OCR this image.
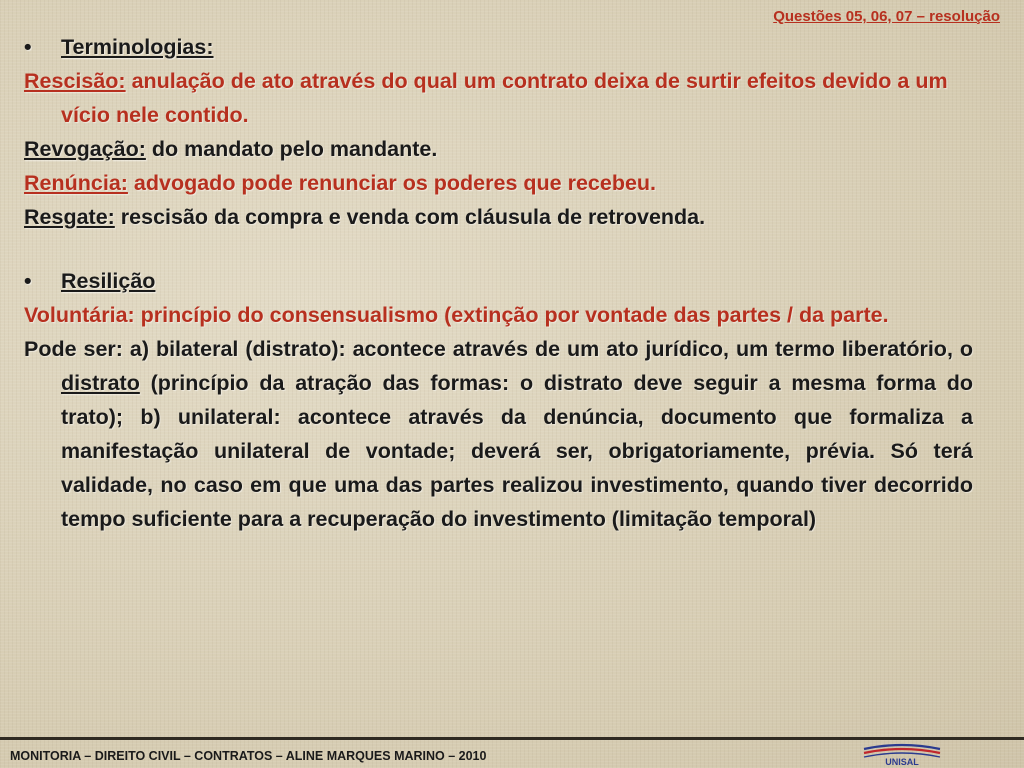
Questões 05, 06, 07 – resolução

•	Terminologias:

Rescisão: anulação de ato através do qual um contrato deixa de surtir efeitos devido a um vício nele contido.

Revogação: do mandato pelo mandante.

Renúncia: advogado pode renunciar os poderes que recebeu.

Resgate: rescisão da compra e venda com cláusula de retrovenda.

•	Resilição

Voluntária: princípio do consensualismo (extinção por vontade das partes / da parte.

Pode ser: a) bilateral (distrato): acontece através de um ato jurídico, um termo liberatório, o distrato (princípio da atração das formas: o distrato deve seguir a mesma forma do trato); b) unilateral: acontece através da denúncia, documento que formaliza a manifestação unilateral de vontade; deverá ser, obrigatoriamente, prévia. Só terá validade, no caso em que uma das partes realizou investimento, quando tiver decorrido tempo suficiente para a recuperação do investimento (limitação temporal)

MONITORIA – DIREITO CIVIL – CONTRATOS – ALINE MARQUES MARINO – 2010	UNISAL
